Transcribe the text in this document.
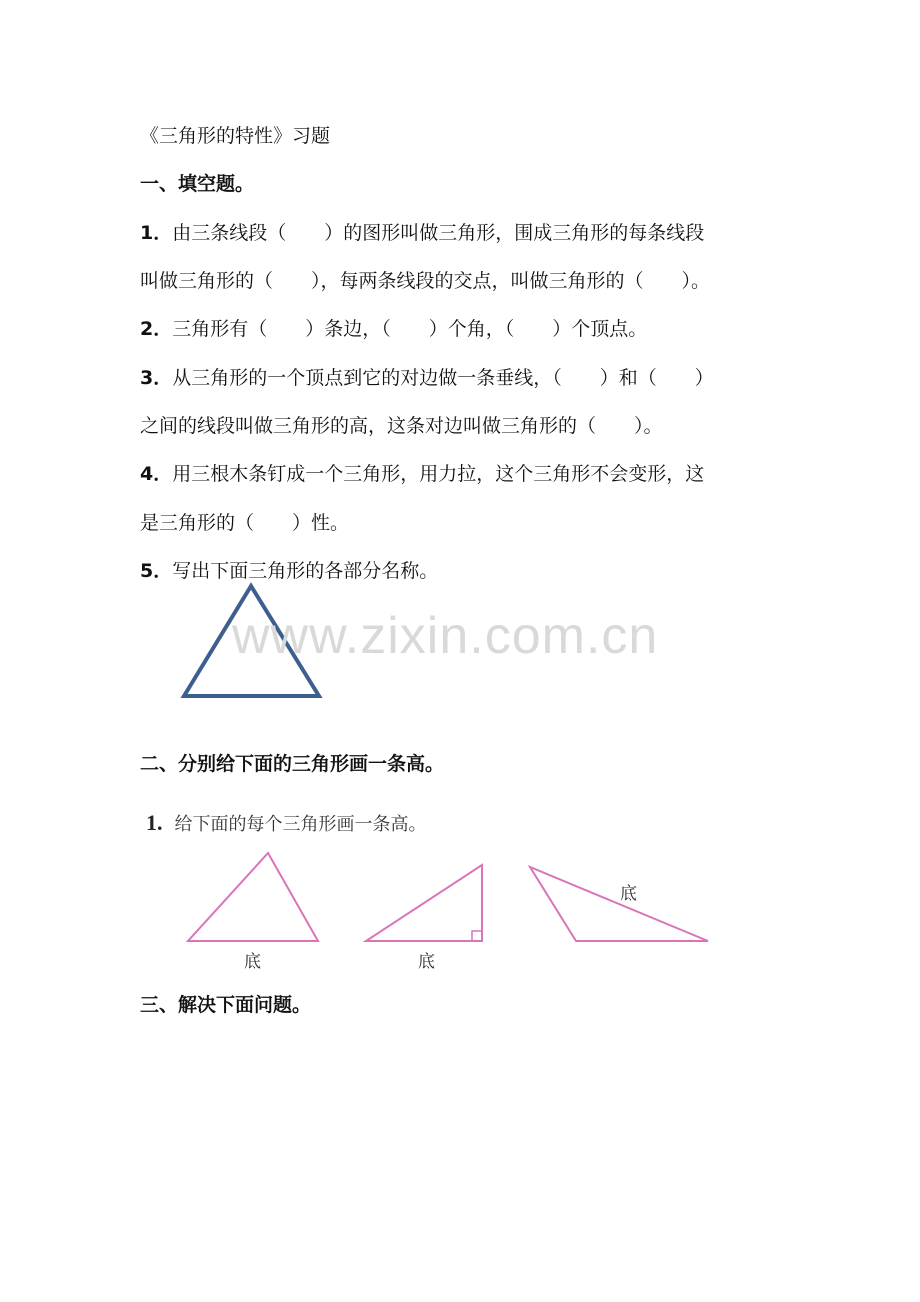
《三角形的特性》习题
一、填空题。
1．由三条线段（　　）的图形叫做三角形，围成三角形的每条线段
叫做三角形的（　　），每两条线段的交点，叫做三角形的（　　）。
2．三角形有（　　）条边，（　　）个角，（　　）个顶点。
3．从三角形的一个顶点到它的对边做一条垂线，（　　）和（　　）
之间的线段叫做三角形的高，这条对边叫做三角形的（　　）。
4．用三根木条钉成一个三角形，用力拉，这个三角形不会变形，这
是三角形的（　　）性。
5．写出下面三角形的各部分名称。
www.zixin.com.cn
二、分别给下面的三角形画一条高。
1. 给下面的每个三角形画一条高。
底	底
底
三、解决下面问题。
